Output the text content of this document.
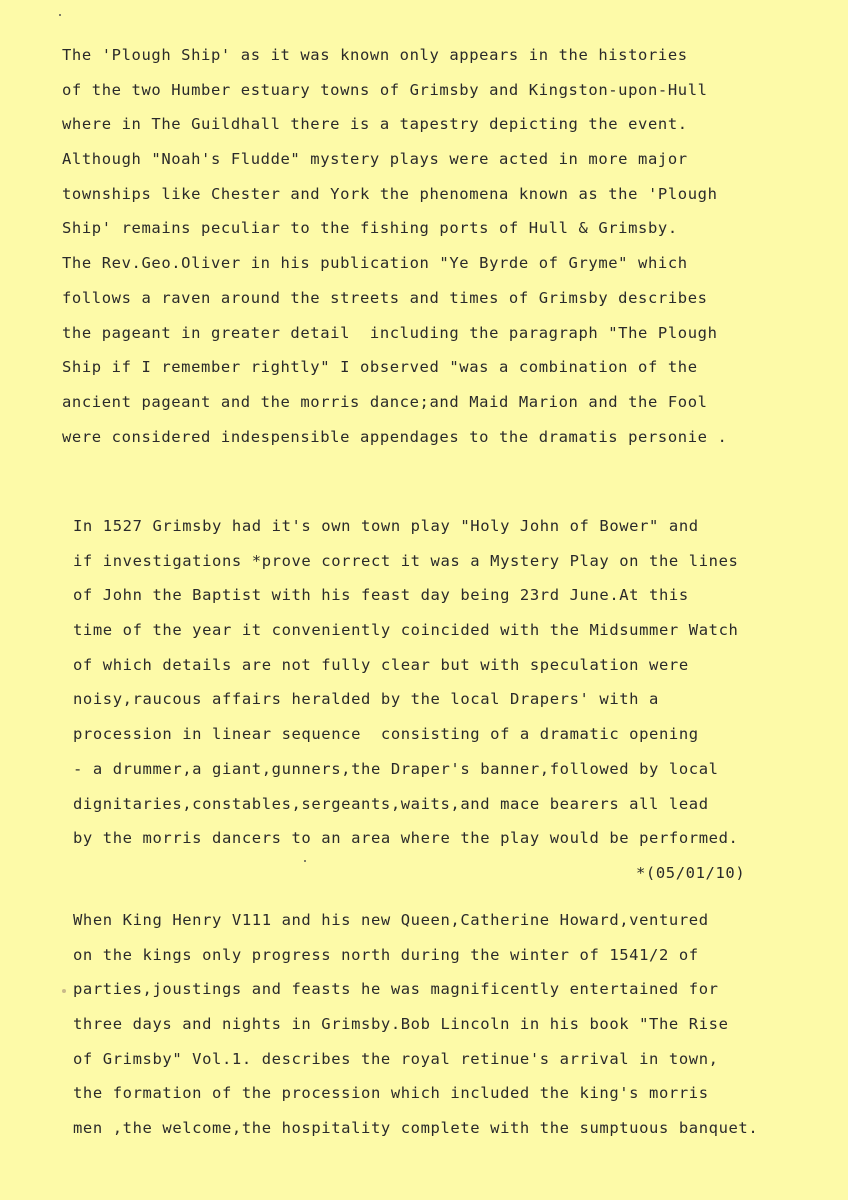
The 'Plough Ship' as it was known only appears in the histories
of the two Humber estuary towns of Grimsby and Kingston-upon-Hull
where in The Guildhall there is a tapestry depicting the event.
Although "Noah's Fludde" mystery plays were acted in more major
townships like Chester and York the phenomena known as the 'Plough
Ship' remains peculiar to the fishing ports of Hull & Grimsby.
The Rev.Geo.Oliver in his publication "Ye Byrde of Gryme" which
follows a raven around the streets and times of Grimsby describes
the pageant in greater detail  including the paragraph "The Plough
Ship if I remember rightly" I observed "was a combination of the
ancient pageant and the morris dance;and Maid Marion and the Fool
were considered indespensible appendages to the dramatis personie .
In 1527 Grimsby had it's own town play "Holy John of Bower" and
if investigations *prove correct it was a Mystery Play on the lines
of John the Baptist with his feast day being 23rd June.At this
time of the year it conveniently coincided with the Midsummer Watch
of which details are not fully clear but with speculation were
noisy,raucous affairs heralded by the local Drapers' with a
procession in linear sequence  consisting of a dramatic opening
- a drummer,a giant,gunners,the Draper's banner,followed by local
dignitaries,constables,sergeants,waits,and mace bearers all lead
by the morris dancers to an area where the play would be performed.
*(05/01/10)
When King Henry V111 and his new Queen,Catherine Howard,ventured
on the kings only progress north during the winter of 1541/2 of
parties,joustings and feasts he was magnificently entertained for
three days and nights in Grimsby.Bob Lincoln in his book "The Rise
of Grimsby" Vol.1. describes the royal retinue's arrival in town,
the formation of the procession which included the king's morris
men ,the welcome,the hospitality complete with the sumptuous banquet.
